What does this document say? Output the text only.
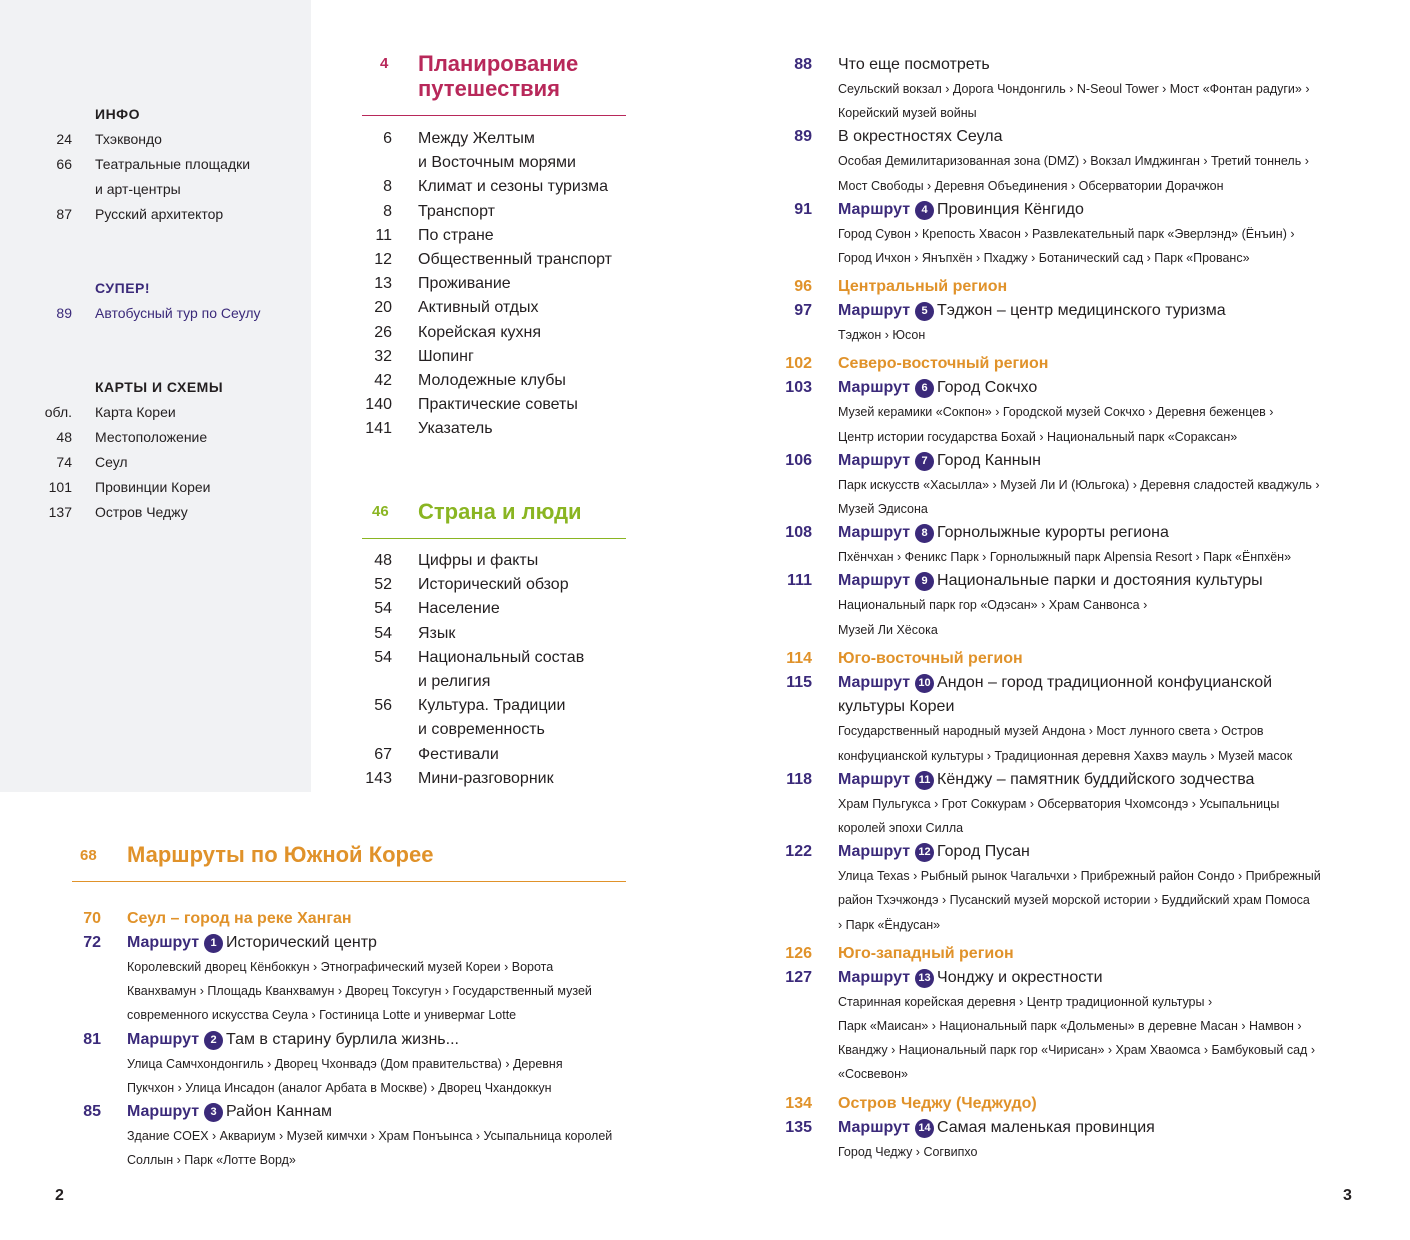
ИНФО
24 Тхэквондо
66 Театральные площадки
и арт-центры
87 Русский архитектор
СУПЕР!
89 Автобусный тур по Сеулу
КАРТЫ И СХЕМЫ
обл. Карта Кореи
48 Местоположение
74 Сеул
101 Провинции Кореи
137 Остров Чеджу
4 Планирование
путешествия
6 Между Желтым
и Восточным морями
8 Климат и сезоны туризма
8 Транспорт
11 По стране
12 Общественный транспорт
13 Проживание
20 Активный отдых
26 Корейская кухня
32 Шопинг
42 Молодежные клубы
140 Практические советы
141 Указатель
46 Страна и люди
48 Цифры и факты
52 Исторический обзор
54 Население
54 Язык
54 Национальный состав
и религия
56 Культура. Традиции
и современность
67 Фестивали
143 Мини-разговорник
68 Маршруты по Южной Корее
70 Сеул – город на реке Ханган
72 Маршрут 1 Исторический центр
Королевский дворец Кёнбоккун › Этнографический музей Кореи › Ворота
Кванхвамун › Площадь Кванхвамун › Дворец Токсугун › Государственный музей
современного искусства Сеула › Гостиница Lotte и универмаг Lotte
81 Маршрут 2 Там в старину бурлила жизнь...
Улица Самчхондонгиль › Дворец Чхонвадэ (Дом правительства) › Деревня
Пукчхон › Улица Инсадон (аналог Арбата в Москве) › Дворец Чхандоккун
85 Маршрут 3 Район Каннам
Здание COEX › Аквариум › Музей кимчхи › Храм Понъынса › Усыпальница королей
Соллын › Парк «Лотте Ворд»
88 Что еще посмотреть
Сеульский вокзал › Дорога Чондонгиль › N-Seoul Tower › Мост «Фонтан радуги» ›
Корейский музей войны
89 В окрестностях Сеула
Особая Демилитаризованная зона (DMZ) › Вокзал Имджинган › Третий тоннель ›
Мост Свободы › Деревня Объединения › Обсерватории Дорачжон
91 Маршрут 4 Провинция Кёнгидо
Город Сувон › Крепость Хвасон › Развлекательный парк «Эверлэнд» (Ёнъин) ›
Город Ичхон › Янъпхён › Пхаджу › Ботанический сад › Парк «Прованс»
96 Центральный регион
97 Маршрут 5 Тэджон – центр медицинского туризма
Тэджон › Юсон
102 Северо-восточный регион
103 Маршрут 6 Город Сокчхо
Музей керамики «Сокпон» › Городской музей Сокчхо › Деревня беженцев ›
Центр истории государства Бохай › Национальный парк «Сораксан»
106 Маршрут 7 Город Каннын
Парк искусств «Хасылла» › Музей Ли И (Юльгока) › Деревня сладостей кваджуль ›
Музей Эдисона
108 Маршрут 8 Горнолыжные курорты региона
Пхёнчхан › Феникс Парк › Горнолыжный парк Alpensia Resort › Парк «Ёнпхён»
111 Маршрут 9 Национальные парки и достояния культуры
Национальный парк гор «Одэсан» › Храм Санвонса ›
Музей Ли Хёсока
114 Юго-восточный регион
115 Маршрут 10 Андон – город традиционной конфуцианской
культуры Кореи
Государственный народный музей Андона › Мост лунного света › Остров
конфуцианской культуры › Традиционная деревня Хахвэ мауль › Музей масок
118 Маршрут 11 Кёнджу – памятник буддийского зодчества
Храм Пульгукса › Грот Соккурам › Обсерватория Чхомсондэ › Усыпальницы
королей эпохи Силла
122 Маршрут 12 Город Пусан
Улица Texas › Рыбный рынок Чагальчхи › Прибрежный район Сондо › Прибрежный
район Тхэчжондэ › Пусанский музей морской истории › Буддийский храм Помоса
› Парк «Ёндусан»
126 Юго-западный регион
127 Маршрут 13 Чонджу и окрестности
Старинная корейская деревня › Центр традиционной культуры ›
Парк «Маисан» › Национальный парк «Дольмены» в деревне Масан › Намвон ›
Кванджу › Национальный парк гор «Чирисан» › Храм Хваомса › Бамбуковый сад ›
«Сосвевон»
134 Остров Чеджу (Чеджудо)
135 Маршрут 14 Самая маленькая провинция
Город Чеджу › Согвипхо
2	3
